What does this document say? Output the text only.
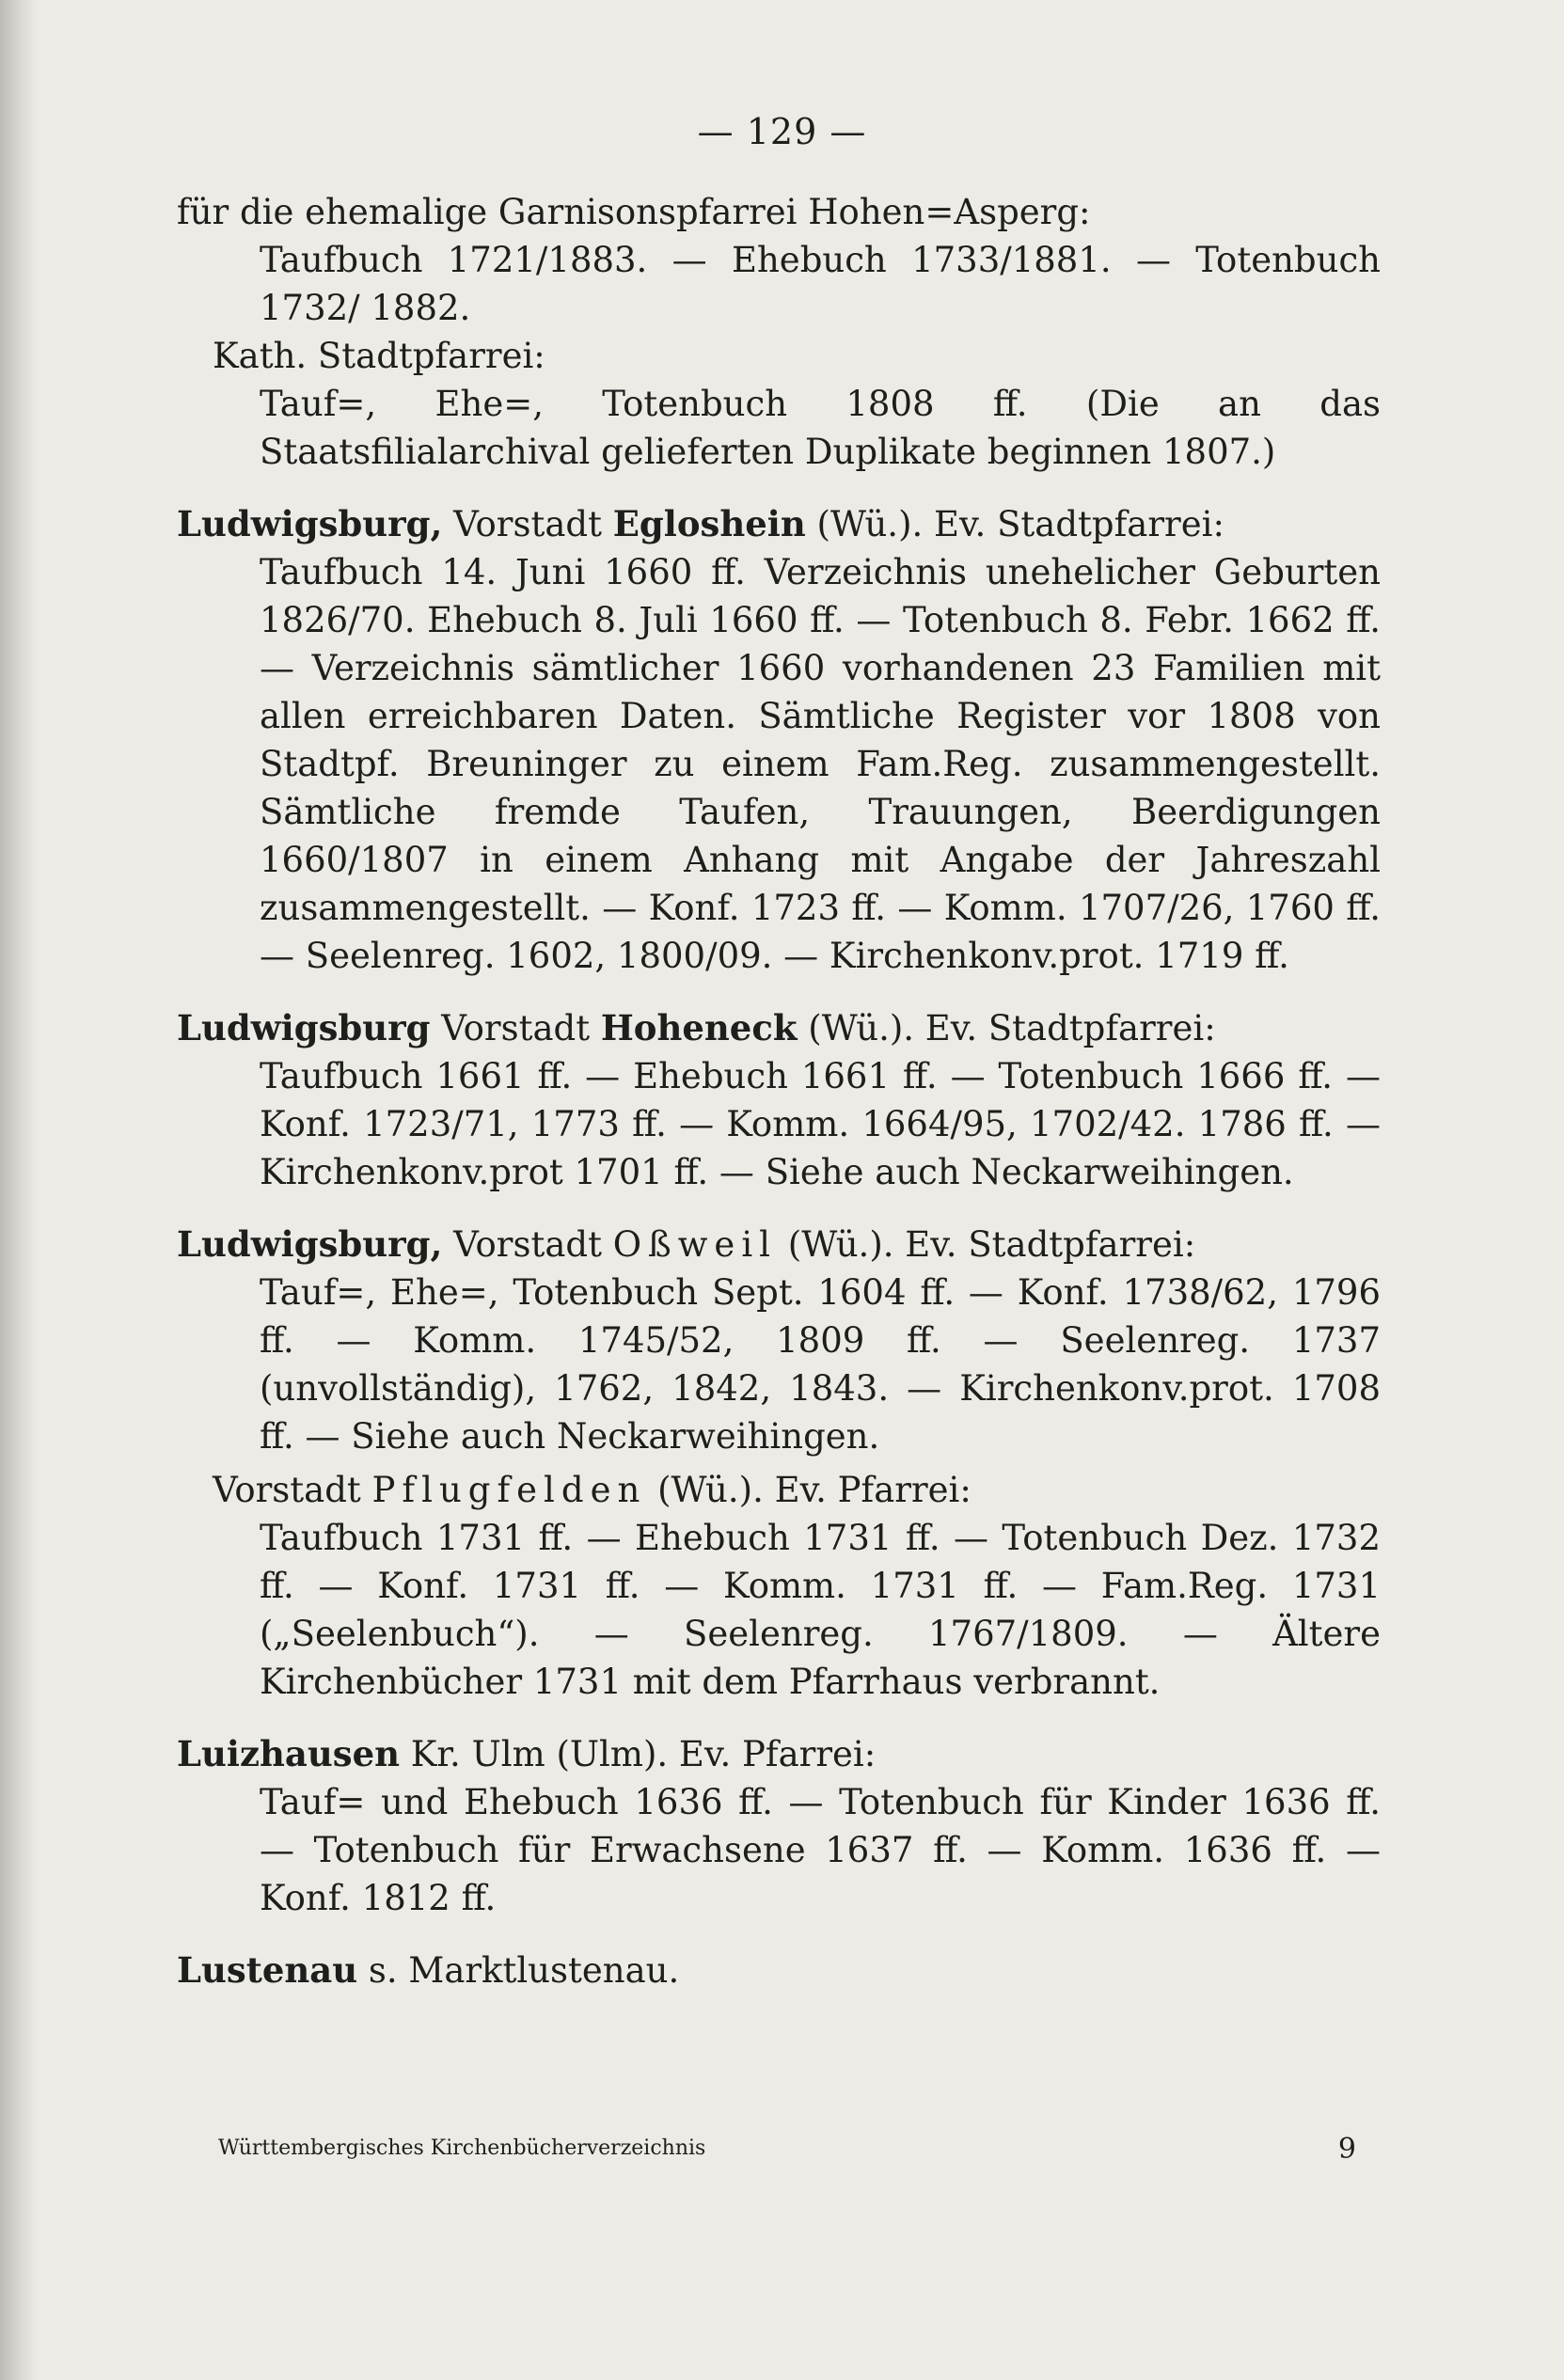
— 129 —

für die ehemalige Garnisonspfarrei Hohen=Asperg:

Taufbuch 1721/1883. — Ehebuch 1733/1881. — Totenbuch 1732/ 1882.

Kath. Stadtpfarrei:

Tauf=, Ehe=, Totenbuch 1808 ff. (Die an das Staatsfilialarchival gelieferten Duplikate beginnen 1807.)

Ludwigsburg, Vorstadt Egloshein (Wü.). Ev. Stadtpfarrei:

Taufbuch 14. Juni 1660 ff. Verzeichnis unehelicher Geburten 1826/70. Ehebuch 8. Juli 1660 ff. — Totenbuch 8. Febr. 1662 ff. — Verzeichnis sämtlicher 1660 vorhandenen 23 Familien mit allen erreichbaren Daten. Sämtliche Register vor 1808 von Stadtpf. Breuninger zu einem Fam.Reg. zusammengestellt. Sämtliche fremde Taufen, Trauungen, Beerdigungen 1660/1807 in einem Anhang mit Angabe der Jahreszahl zusammengestellt. — Konf. 1723 ff. — Komm. 1707/26, 1760 ff. — Seelenreg. 1602, 1800/09. — Kirchenkonv.prot. 1719 ff.

Ludwigsburg Vorstadt Hoheneck (Wü.). Ev. Stadtpfarrei:

Taufbuch 1661 ff. — Ehebuch 1661 ff. — Totenbuch 1666 ff. — Konf. 1723/71, 1773 ff. — Komm. 1664/95, 1702/42. 1786 ff. — Kirchenkonv.prot 1701 ff. — Siehe auch Neckarweihingen.

Ludwigsburg, Vorstadt Oßweil (Wü.). Ev. Stadtpfarrei:

Tauf=, Ehe=, Totenbuch Sept. 1604 ff. — Konf. 1738/62, 1796 ff. — Komm. 1745/52, 1809 ff. — Seelenreg. 1737 (unvollständig), 1762, 1842, 1843. — Kirchenkonv.prot. 1708 ff. — Siehe auch Neckarweihingen.

Vorstadt Pflugfelden (Wü.). Ev. Pfarrei:

Taufbuch 1731 ff. — Ehebuch 1731 ff. — Totenbuch Dez. 1732 ff. — Konf. 1731 ff. — Komm. 1731 ff. — Fam.Reg. 1731 („Seelenbuch“). — Seelenreg. 1767/1809. — Ältere Kirchenbücher 1731 mit dem Pfarrhaus verbrannt.

Luizhausen Kr. Ulm (Ulm). Ev. Pfarrei:

Tauf= und Ehebuch 1636 ff. — Totenbuch für Kinder 1636 ff. — Totenbuch für Erwachsene 1637 ff. — Komm. 1636 ff. — Konf. 1812 ff.

Lustenau s. Marktlustenau.

Württembergisches Kirchenbücherverzeichnis	9
